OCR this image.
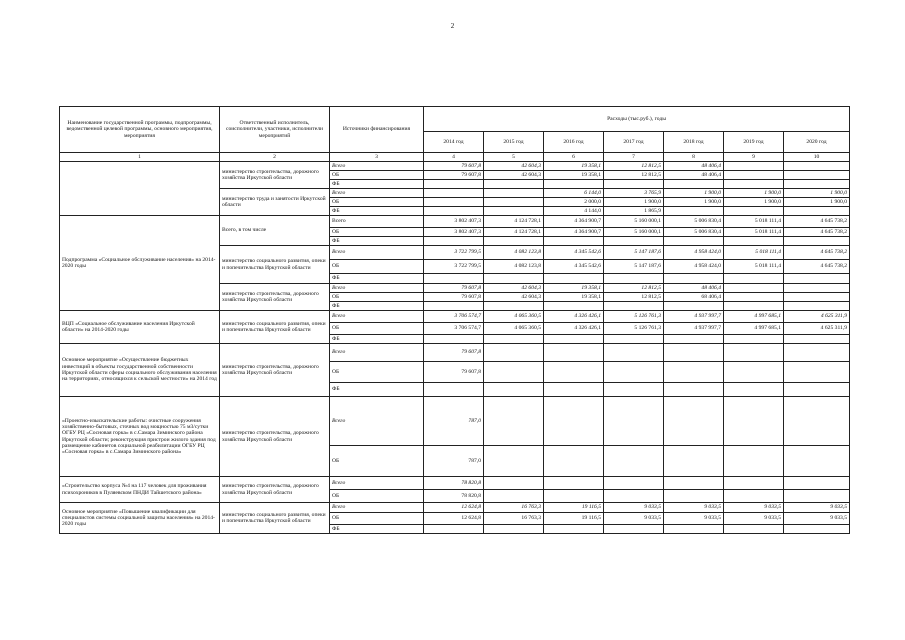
2
Наименование государственной программы, подпрограммы, ведомственной целевой программы, основного мероприятия, мероприятия	Ответственный исполнитель, соисполнители, участники, исполнители мероприятий	Источники финансирования	Расходы (тыс.руб.), годы						
			2014 год	2015 год	2016 год	2017 год	2018 год	2019 год	2020 год
1	2	3	4	5	6	7	8	9	10
	министерство строительства, дорожного хозяйства Иркутской области	Всего	79 607,8	42 604,3	19 358,1	12 812,5	48 406,4		
		ОБ	79 607,8	42 604,3	19 358,1	12 812,5	48 406,4		
		ФБ							
	министерство труда и занятости Иркутской области	Всего			6 144,0	3 765,9	1 900,0	1 900,0	1 900,0
		ОБ			2 000,0	1 900,0	1 900,0	1 900,0	1 900,0
		ФБ			4 144,0	1 865,9			
Подпрограмма «Социальное обслуживание населения» на 2014-2020 годы	Всего, в том числе	Всего	3 802 407,3	4 124 728,1	4 364 900,7	5 160 000,1	5 006 830,4	5 018 111,4	4 645 738,2
		ОБ	3 802 407,3	4 124 728,1	4 364 900,7	5 160 000,1	5 006 830,4	5 018 111,4	4 645 738,2
		ФБ							
	министерство социального развития, опеки и попечительства Иркутской области	Всего	3 722 799,5	4 082 123,8	4 345 542,6	5 147 187,6	4 958 424,0	5 018 111,4	4 645 738,2
		ОБ	3 722 799,5	4 082 123,8	4 345 542,6	5 147 187,6	4 958 424,0	5 018 111,4	4 645 738,2
		ФБ							
	министерство строительства, дорожного хозяйства Иркутской области	Всего	79 607,8	42 604,3	19 358,1	12 812,5	48 406,4		
		ОБ	79 607,8	42 604,3	19 358,1	12 812,5	68 406,4		
		ФБ							
ВЦП «Социальное обслуживание населения Иркутской области» на 2014-2020 годы	министерство социального развития, опеки и попечительства Иркутской области	Всего	3 706 574,7	4 065 360,5	4 326 426,1	5 126 761,3	4 937 997,7	4 997 685,1	4 625 311,9
		ОБ	3 706 574,7	4 065 360,5	4 326 426,1	5 126 761,3	4 937 997,7	4 997 685,1	4 625 311,9
		ФБ							
Основное мероприятие «Осуществление бюджетных инвестиций в объекты государственной собственности Иркутской области сферы социального обслуживания населения на территориях, относящихся к сельской местности» на 2014 год	министерство строительства, дорожного хозяйства Иркутской области	Всего	79 607,8						
		ОБ	79 607,8						
		ФБ							
«Проектно-изыскательские работы: очистные сооружения хозяйственно-бытовых, сточных вод мощностью 75 м3/сутки ОГБУ РЦ «Сосновая горка» в с.Самара Зиминского района Иркутской области; реконструкция пристрои жилого здания под размещение кабинетов социальной реабилитации ОГБУ РЦ «Сосновая горка» в с.Самара Зиминского района»	министерство строительства, дорожного хозяйства Иркутской области	Всего	787,0						
		ОБ	787,0						
«Строительство корпуса №4 на 117 человек для проживания психохроников в Пуляевском ПНДИ Тайшетского района»	министерство строительства, дорожного хозяйства Иркутской области	Всего	78 820,8						
		ОБ	78 820,8						
Основное мероприятие «Повышение квалификации для специалистов системы социальной защиты населения» на 2014-2020 годы	министерство социального развития, опеки и попечительства Иркутской области	Всего	12 624,8	16 763,3	19 116,5	9 033,5	9 033,5	9 033,5	9 033,5
		ОБ	12 624,8	16 763,3	19 116,5	9 033,5	9 033,5	9 033,5	9 033,5
		ФБ							
